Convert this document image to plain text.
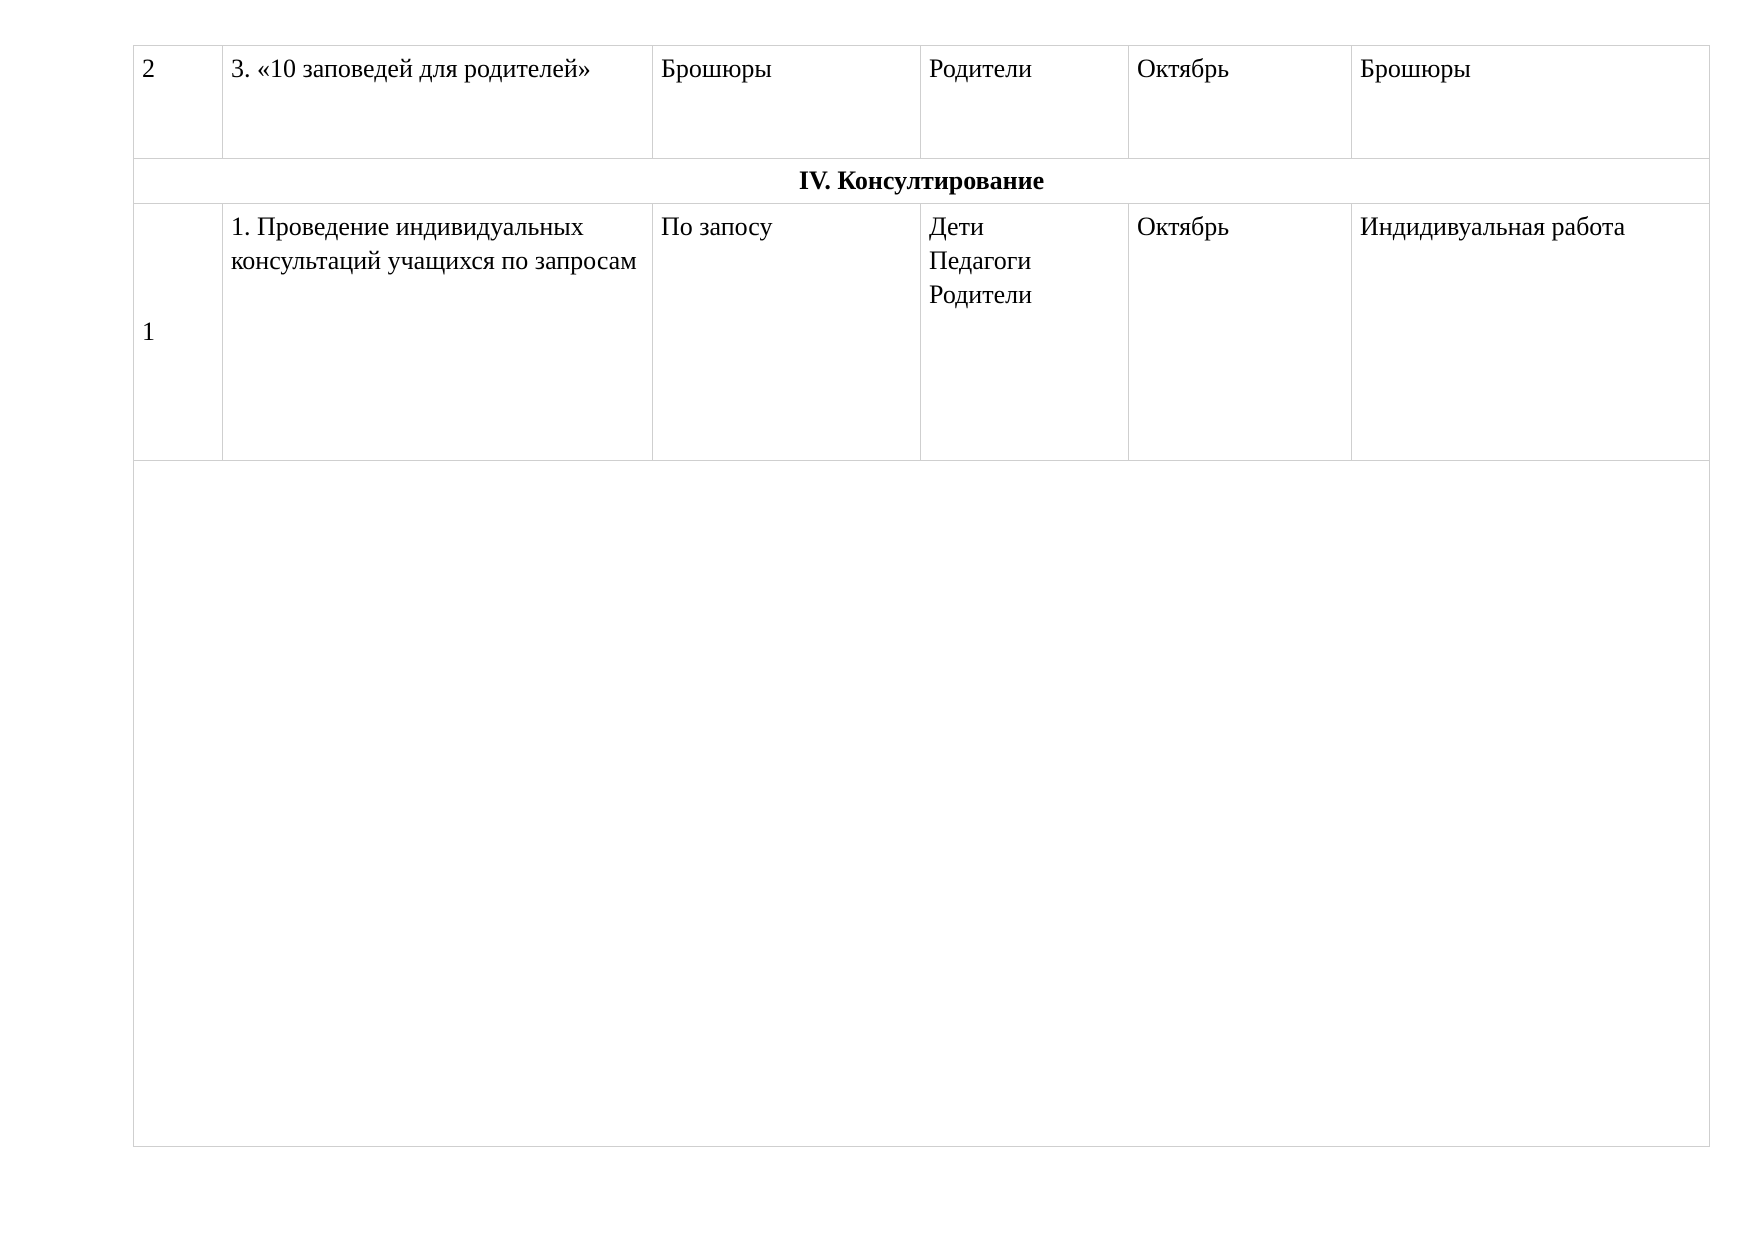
2	3. «10 заповедей для родителей»	Брошюры	Родители	Октябрь	Брошюры
IV. Консултирование					
1	1. Проведение индивидуальных консультаций учащихся по запросам	По запосу	Дети
Педагоги
Родители	Октябрь	Индидивуальная работа
